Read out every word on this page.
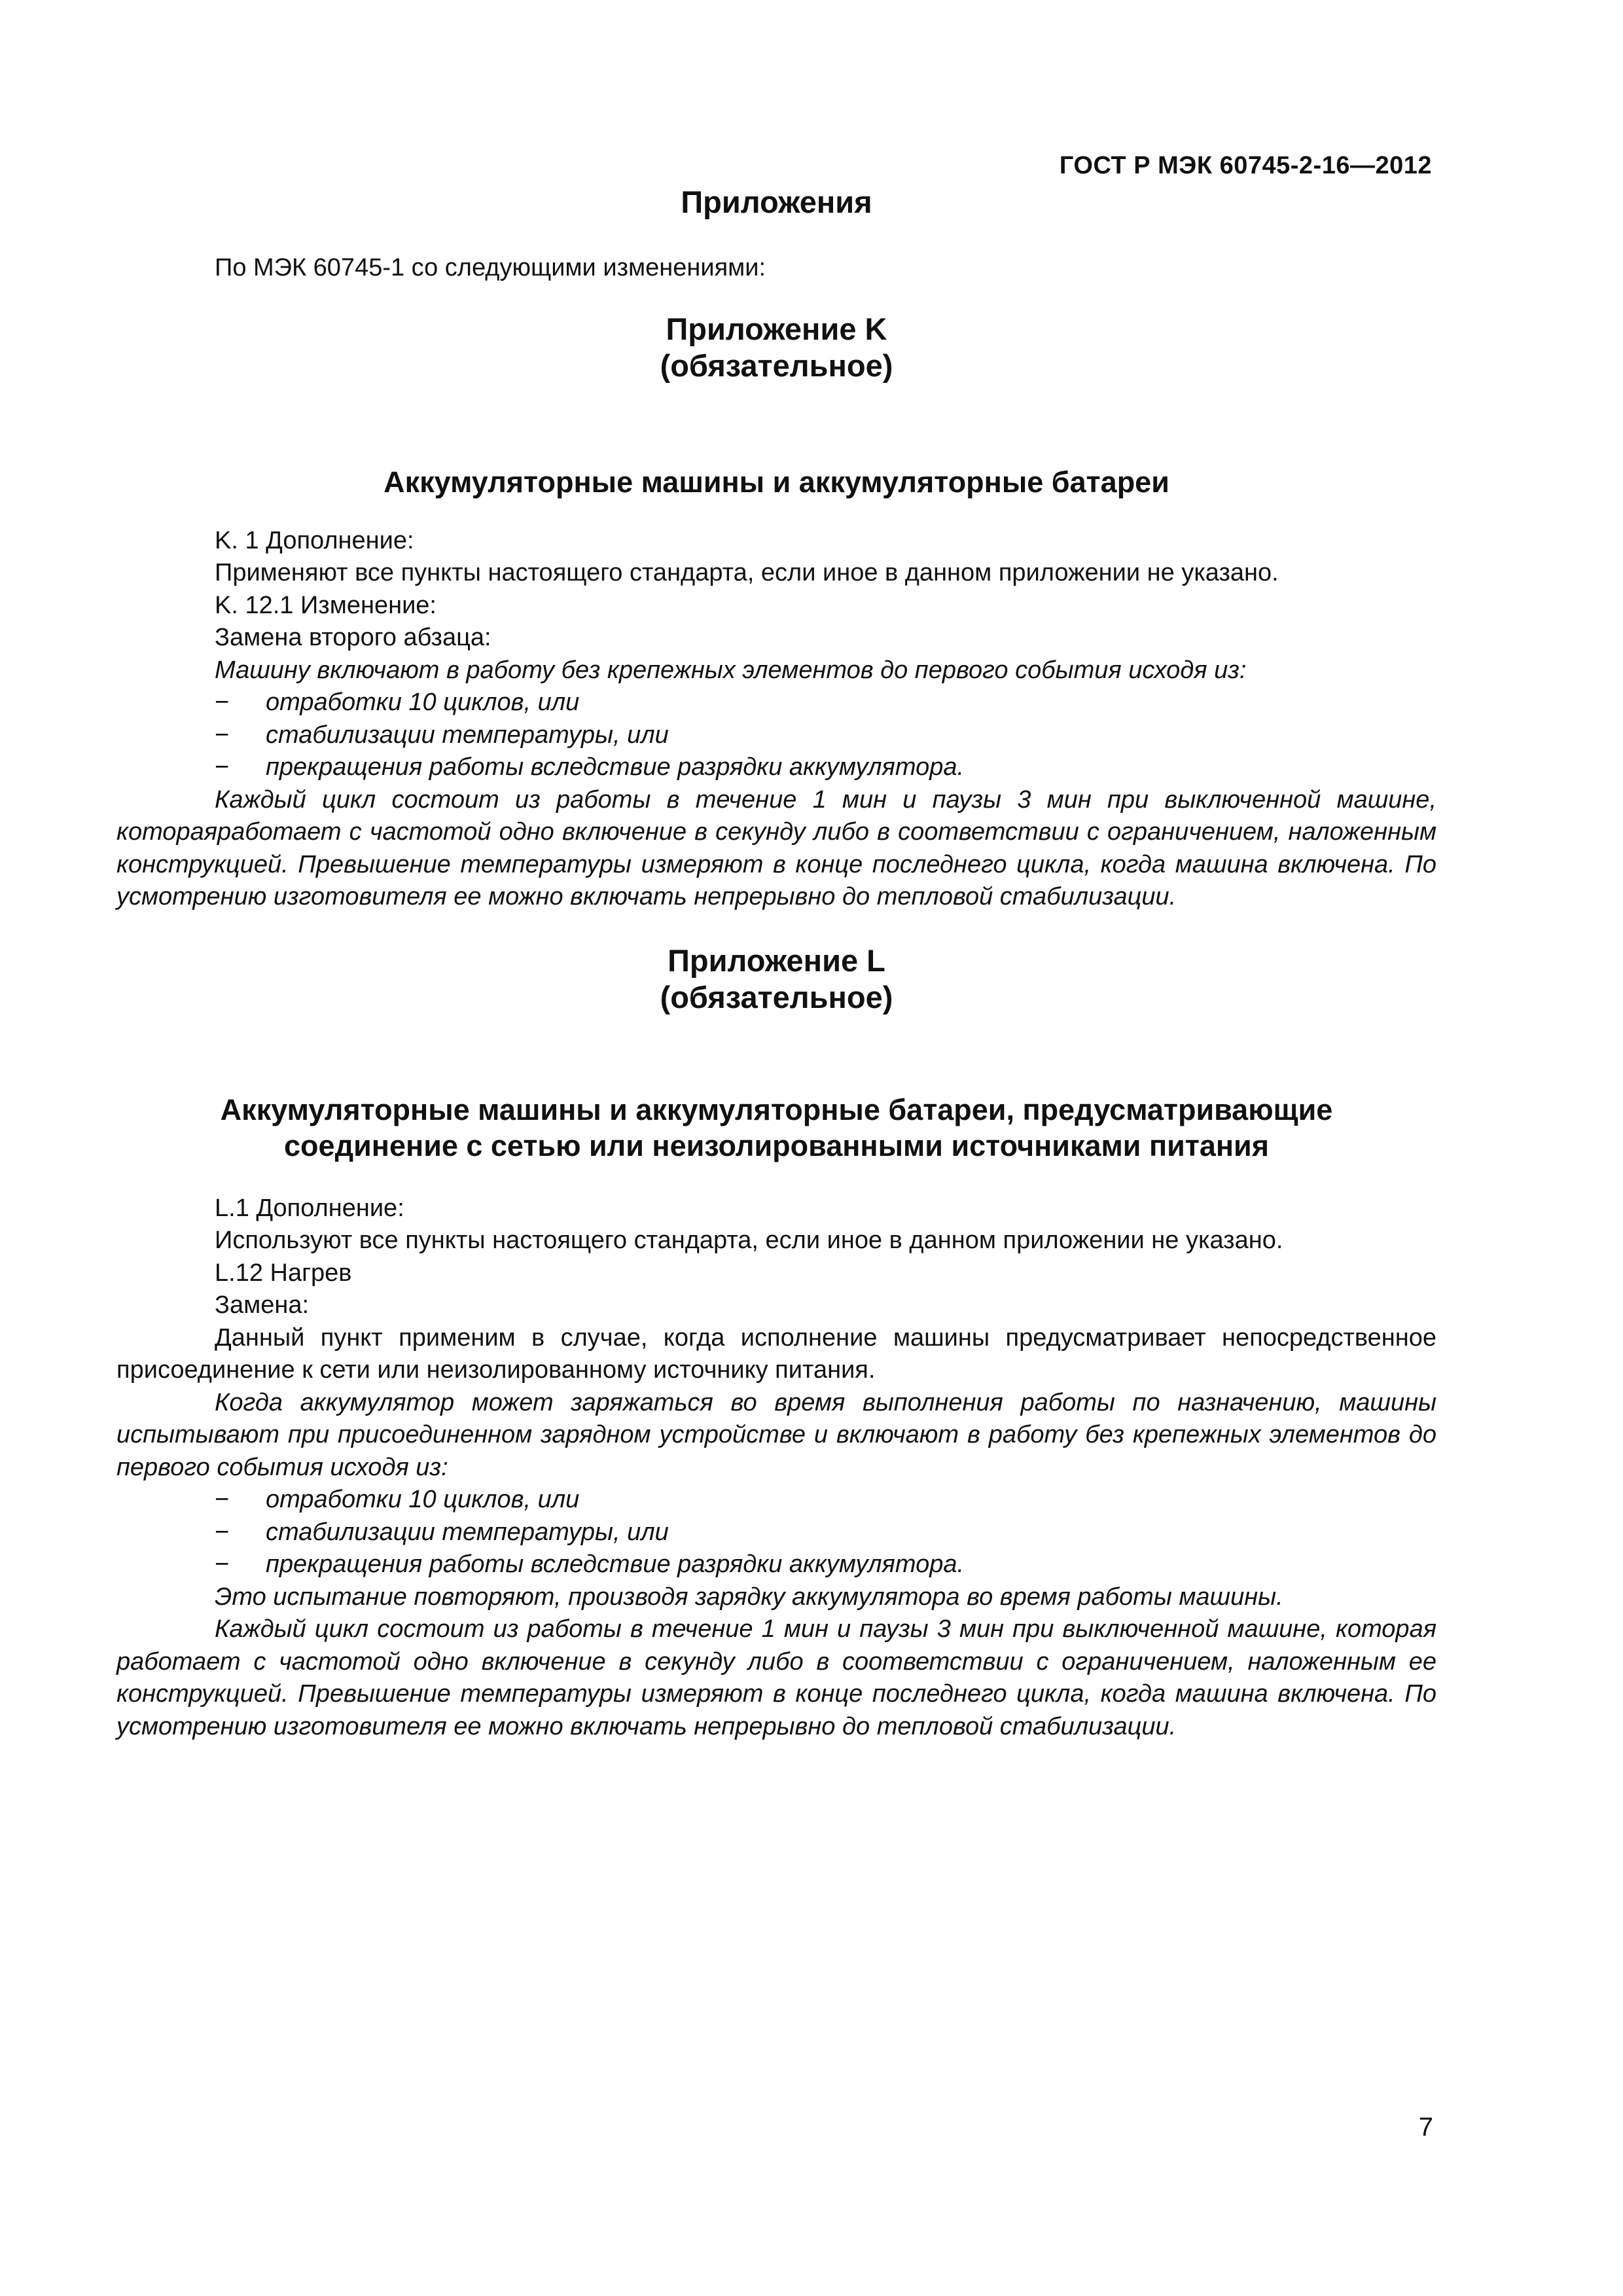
ГОСТ Р МЭК 60745-2-16—2012
Приложения

По МЭК 60745-1 со следующими изменениями:

Приложение K
(обязательное)
Аккумуляторные машины и аккумуляторные батареи

K. 1 Дополнение:

Применяют все пункты настоящего стандарта, если иное в данном приложении не указано.

K. 12.1 Изменение:

Замена второго абзаца:

Машину включают в работу без крепежных элементов до первого события исходя из:

−	отработки 10 циклов, или
−	стабилизации температуры, или
−	прекращения работы вследствие разрядки аккумулятора.

Каждый цикл состоит из работы в течение 1 мин и паузы 3 мин при выключенной машине, котораяработает с частотой одно включение в секунду либо в соответствии с ограничением, наложенным конструкцией. Превышение температуры измеряют в конце последнего цикла, когда машина включена. По усмотрению изготовителя ее можно включать непрерывно до тепловой стабилизации.

Приложение L
(обязательное)
Аккумуляторные машины и аккумуляторные батареи, предусматривающие
соединение с сетью или неизолированными источниками питания

L.1 Дополнение:

Используют все пункты настоящего стандарта, если иное в данном приложении не указано.

L.12 Нагрев

Замена:

Данный пункт применим в случае, когда исполнение машины предусматривает непосредственное присоединение к сети или неизолированному источнику питания.

Когда аккумулятор может заряжаться во время выполнения работы по назначению, машины испытывают при присоединенном зарядном устройстве и включают в работу без крепежных элементов до первого события исходя из:

−	отработки 10 циклов, или
−	стабилизации температуры, или
−	прекращения работы вследствие разрядки аккумулятора.

Это испытание повторяют, производя зарядку аккумулятора во время работы машины.

Каждый цикл состоит из работы в течение 1 мин и паузы 3 мин при выключенной машине, которая работает с частотой одно включение в секунду либо в соответствии с ограничением, наложенным ее конструкцией. Превышение температуры измеряют в конце последнего цикла, когда машина включена. По усмотрению изготовителя ее можно включать непрерывно до тепловой стабилизации.

7
